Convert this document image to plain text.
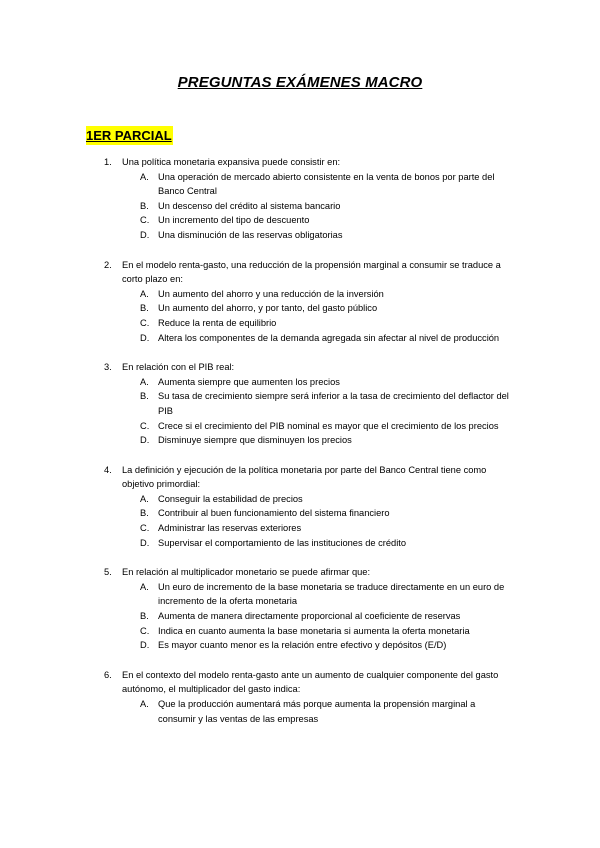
PREGUNTAS EXÁMENES MACRO
1ER PARCIAL
1. Una política monetaria expansiva puede consistir en:
A. Una operación de mercado abierto consistente en la venta de bonos por parte del Banco Central
B. Un descenso del crédito al sistema bancario
C. Un incremento del tipo de descuento
D. Una disminución de las reservas obligatorias
2. En el modelo renta-gasto, una reducción de la propensión marginal a consumir se traduce a corto plazo en:
A. Un aumento del ahorro y una reducción de la inversión
B. Un aumento del ahorro, y por tanto, del gasto público
C. Reduce la renta de equilibrio
D. Altera los componentes de la demanda agregada sin afectar al nivel de producción
3. En relación con el PIB real:
A. Aumenta siempre que aumenten los precios
B. Su tasa de crecimiento siempre será inferior a la tasa de crecimiento del deflactor del PIB
C. Crece si el crecimiento del PIB nominal es mayor que el crecimiento de los precios
D. Disminuye siempre que disminuyen los precios
4. La definición y ejecución de la política monetaria por parte del Banco Central tiene como objetivo primordial:
A. Conseguir la estabilidad de precios
B. Contribuir al buen funcionamiento del sistema financiero
C. Administrar las reservas exteriores
D. Supervisar el comportamiento de las instituciones de crédito
5. En relación al multiplicador monetario se puede afirmar que:
A. Un euro de incremento de la base monetaria se traduce directamente en un euro de incremento de la oferta monetaria
B. Aumenta de manera directamente proporcional al coeficiente de reservas
C. Indica en cuanto aumenta la base monetaria si aumenta la oferta monetaria
D. Es mayor cuanto menor es la relación entre efectivo y depósitos (E/D)
6. En el contexto del modelo renta-gasto ante un aumento de cualquier componente del gasto autónomo, el multiplicador del gasto indica:
A. Que la producción aumentará más porque aumenta la propensión marginal a consumir y las ventas de las empresas
